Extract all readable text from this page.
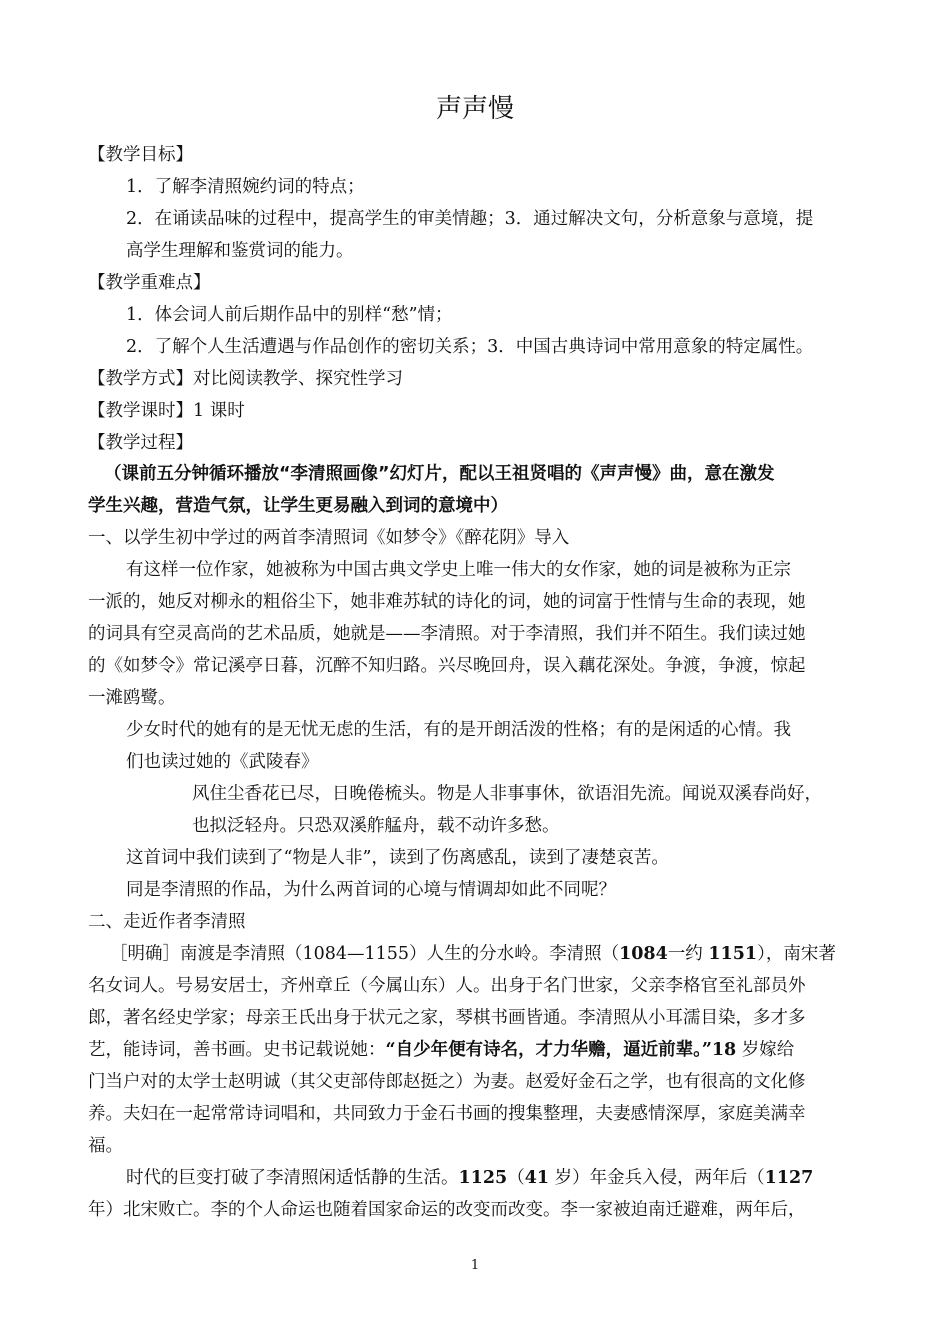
声声慢
【教学目标】
1．了解李清照婉约词的特点；
2．在诵读品味的过程中，提高学生的审美情趣；3．通过解决文句，分析意象与意境，提
高学生理解和鉴赏词的能力。
【教学重难点】
1．体会词人前后期作品中的别样“愁”情；
2．了解个人生活遭遇与作品创作的密切关系；3．中国古典诗词中常用意象的特定属性。
【教学方式】对比阅读教学、探究性学习
【教学课时】1 课时
【教学过程】
（课前五分钟循环播放“李清照画像”幻灯片，配以王祖贤唱的《声声慢》曲，意在激发
学生兴趣，营造气氛，让学生更易融入到词的意境中）
一、以学生初中学过的两首李清照词《如梦令》《醉花阴》导入
有这样一位作家，她被称为中国古典文学史上唯一伟大的女作家，她的词是被称为正宗
一派的，她反对柳永的粗俗尘下，她非难苏轼的诗化的词，她的词富于性情与生命的表现，她
的词具有空灵高尚的艺术品质，她就是——李清照。对于李清照，我们并不陌生。我们读过她
的《如梦令》常记溪亭日暮，沉醉不知归路。兴尽晚回舟，误入藕花深处。争渡，争渡，惊起
一滩鸥鹭。
少女时代的她有的是无忧无虑的生活，有的是开朗活泼的性格；有的是闲适的心情。我
们也读过她的《武陵春》
风住尘香花已尽，日晚倦梳头。物是人非事事休，欲语泪先流。闻说双溪春尚好，
也拟泛轻舟。只恐双溪舴艋舟，载不动许多愁。
这首词中我们读到了“物是人非”，读到了伤离感乱，读到了凄楚哀苦。
同是李清照的作品，为什么两首词的心境与情调却如此不同呢？
二、走近作者李清照
［明确］南渡是李清照（1084—1155）人生的分水岭。李清照（1084一约 1151），南宋著
名女词人。号易安居士，齐州章丘（今属山东）人。出身于名门世家，父亲李格官至礼部员外
郎，著名经史学家；母亲王氏出身于状元之家，琴棋书画皆通。李清照从小耳濡目染，多才多
艺，能诗词，善书画。史书记载说她：“自少年便有诗名，才力华赡，逼近前辈。”18 岁嫁给
门当户对的太学士赵明诚（其父吏部侍郎赵挺之）为妻。赵爱好金石之学，也有很高的文化修
养。夫妇在一起常常诗词唱和，共同致力于金石书画的搜集整理，夫妻感情深厚，家庭美满幸
福。
时代的巨变打破了李清照闲适恬静的生活。1125（41 岁）年金兵入侵，两年后（1127
年）北宋败亡。李的个人命运也随着国家命运的改变而改变。李一家被迫南迁避难，两年后，
1
